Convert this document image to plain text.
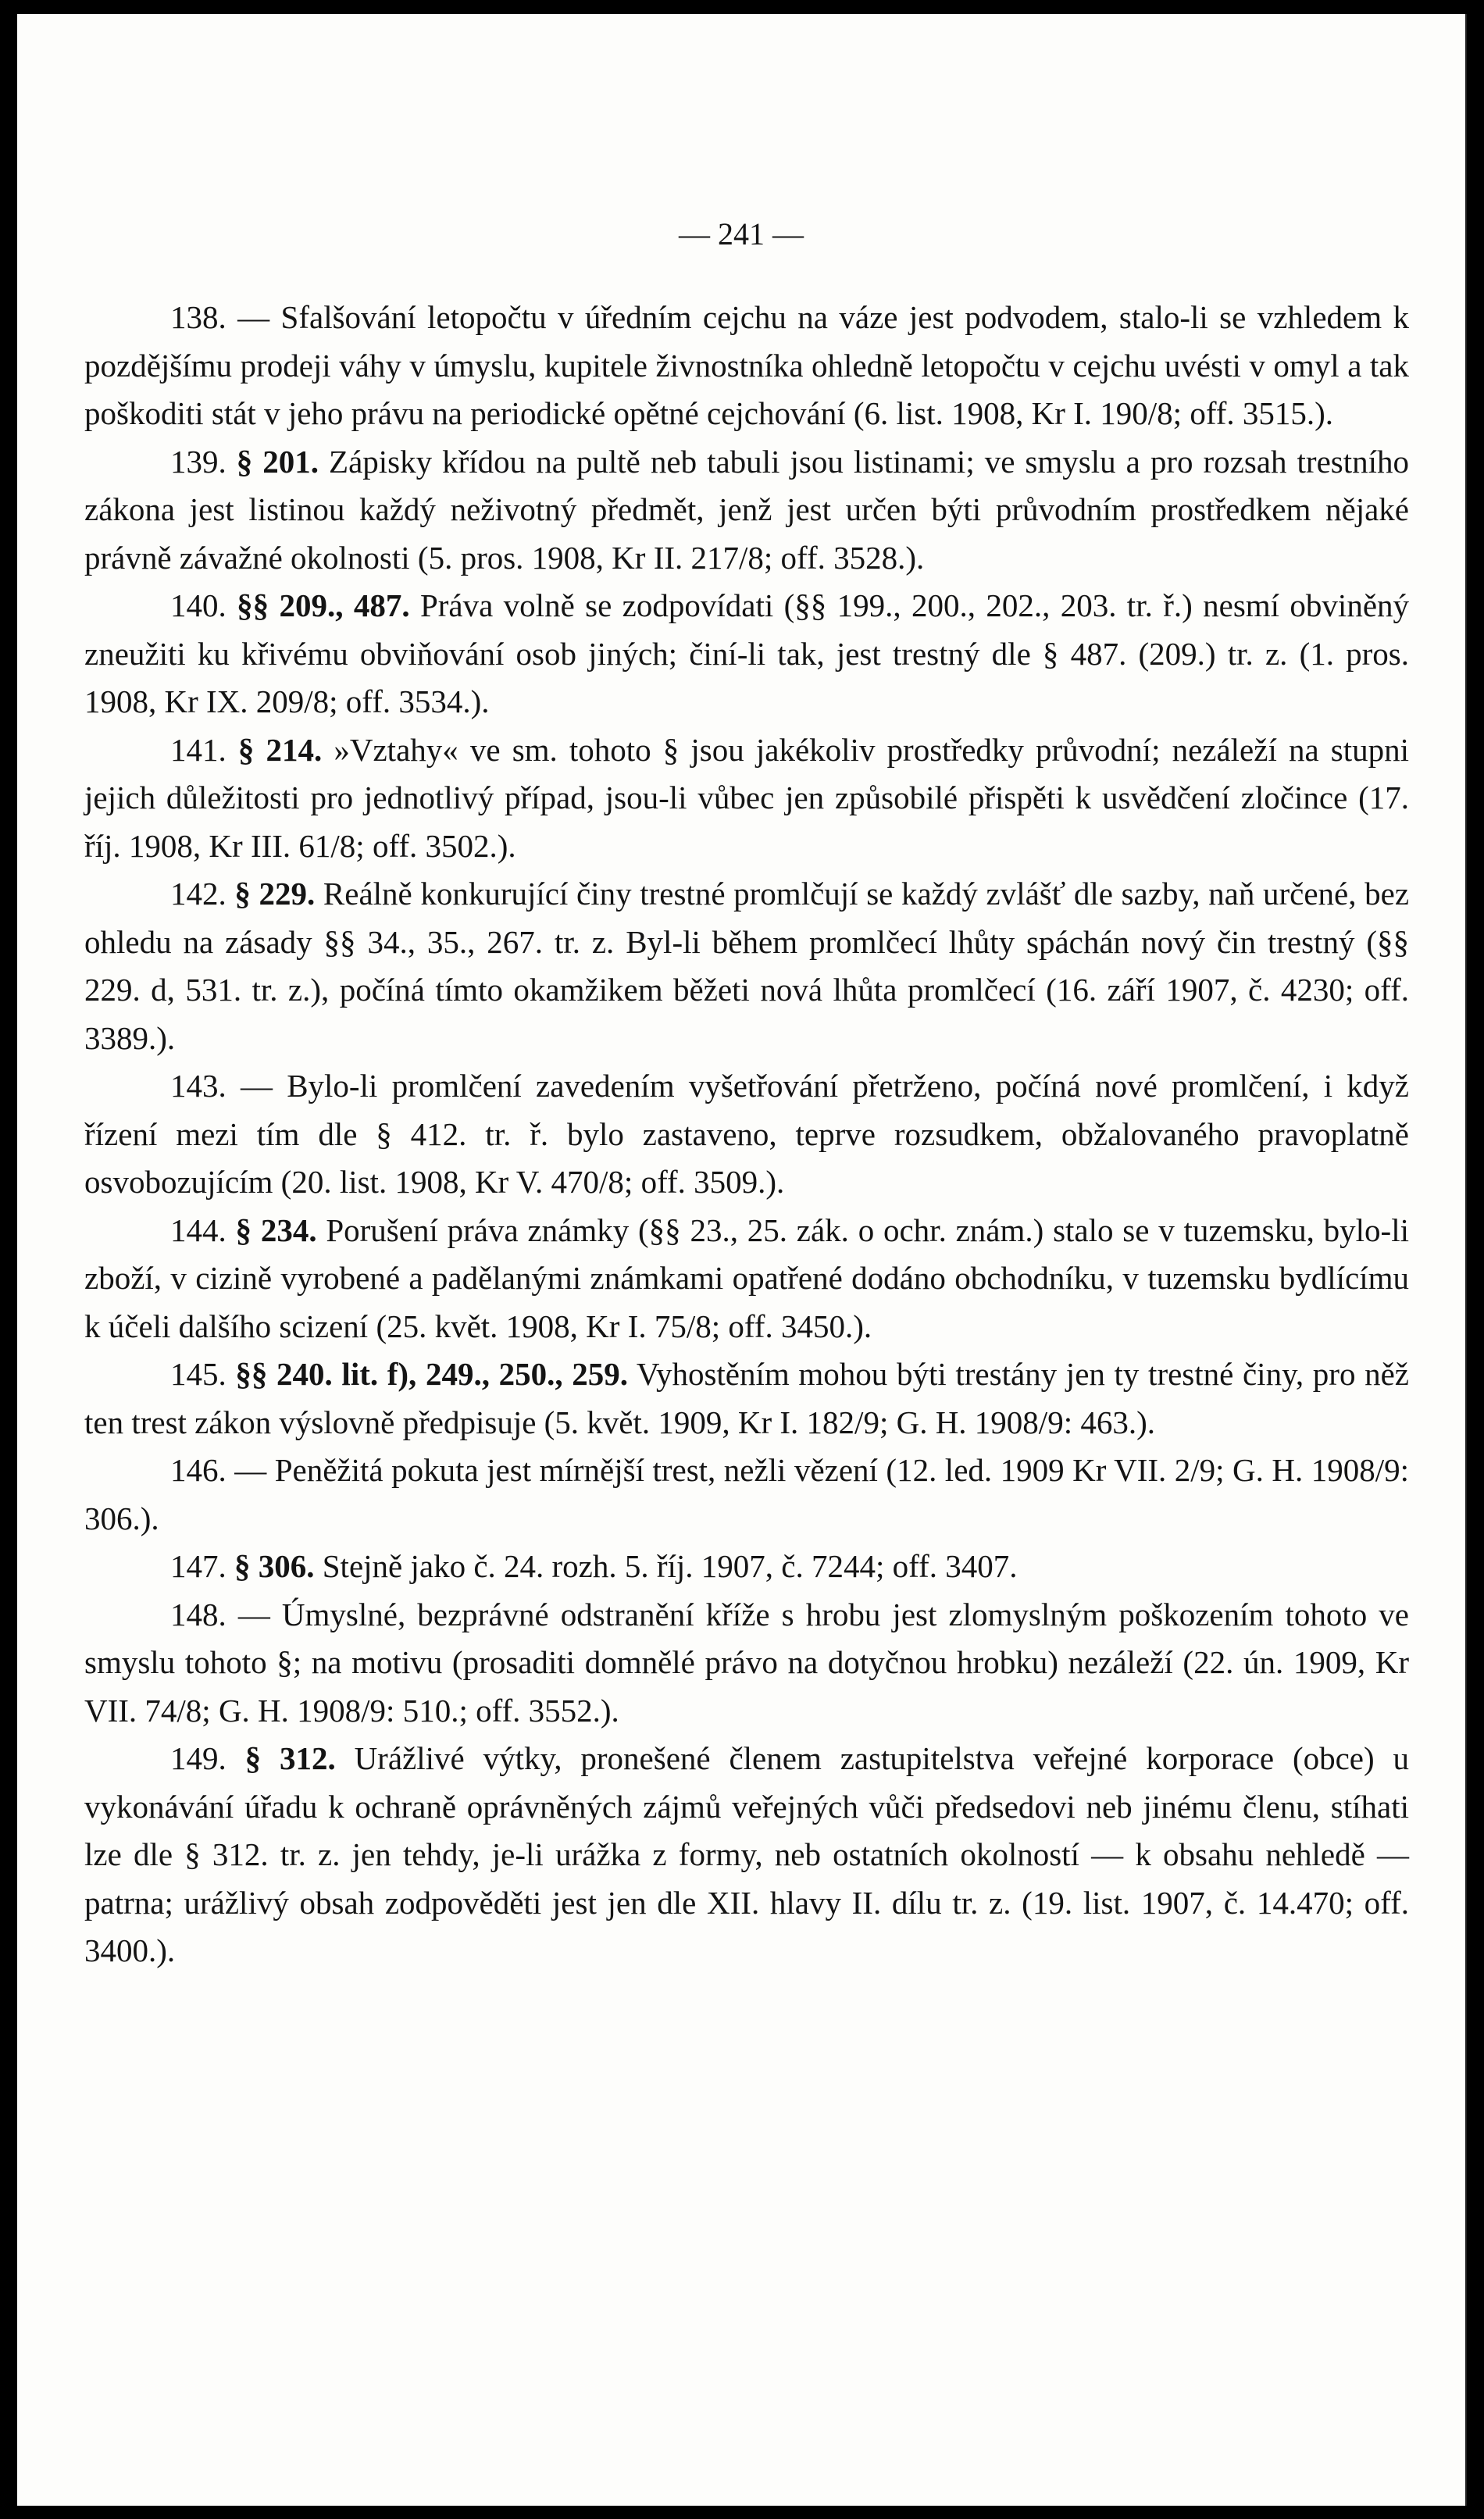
— 241 —

138. — Sfalšování letopočtu v úředním cejchu na váze jest podvodem, stalo-li se vzhledem k pozdějšímu prodeji váhy v úmyslu, kupitele živnostníka ohledně letopočtu v cejchu uvésti v omyl a tak poškoditi stát v jeho právu na periodické opětné cejchování (6. list. 1908, Kr I. 190/8; off. 3515.).

139. § 201. Zápisky křídou na pultě neb tabuli jsou listinami; ve smyslu a pro rozsah trestního zákona jest listinou každý neživotný předmět, jenž jest určen býti průvodním prostředkem nějaké právně závažné okolnosti (5. pros. 1908, Kr II. 217/8; off. 3528.).

140. §§ 209., 487. Práva volně se zodpovídati (§§ 199., 200., 202., 203. tr. ř.) nesmí obviněný zneužiti ku křivému obviňování osob jiných; činí-li tak, jest trestný dle § 487. (209.) tr. z. (1. pros. 1908, Kr IX. 209/8; off. 3534.).

141. § 214. »Vztahy« ve sm. tohoto § jsou jakékoliv prostředky průvodní; nezáleží na stupni jejich důležitosti pro jednotlivý případ, jsou-li vůbec jen způsobilé přispěti k usvědčení zločince (17. říj. 1908, Kr III. 61/8; off. 3502.).

142. § 229. Reálně konkurující činy trestné promlčují se každý zvlášť dle sazby, naň určené, bez ohledu na zásady §§ 34., 35., 267. tr. z. Byl-li během promlčecí lhůty spáchán nový čin trestný (§§ 229. d, 531. tr. z.), počíná tímto okamžikem běžeti nová lhůta promlčecí (16. září 1907, č. 4230; off. 3389.).

143. — Bylo-li promlčení zavedením vyšetřování přetrženo, počíná nové promlčení, i když řízení mezi tím dle § 412. tr. ř. bylo zastaveno, teprve rozsudkem, obžalovaného pravoplatně osvobozujícím (20. list. 1908, Kr V. 470/8; off. 3509.).

144. § 234. Porušení práva známky (§§ 23., 25. zák. o ochr. znám.) stalo se v tuzemsku, bylo-li zboží, v cizině vyrobené a padělanými známkami opatřené dodáno obchodníku, v tuzemsku bydlícímu k účeli dalšího scizení (25. květ. 1908, Kr I. 75/8; off. 3450.).

145. §§ 240. lit. f), 249., 250., 259. Vyhostěním mohou býti trestány jen ty trestné činy, pro něž ten trest zákon výslovně předpisuje (5. květ. 1909, Kr I. 182/9; G. H. 1908/9: 463.).

146. — Peněžitá pokuta jest mírnější trest, nežli vězení (12. led. 1909 Kr VII. 2/9; G. H. 1908/9: 306.).

147. § 306. Stejně jako č. 24. rozh. 5. říj. 1907, č. 7244; off. 3407.

148. — Úmyslné, bezprávné odstranění kříže s hrobu jest zlomyslným poškozením tohoto ve smyslu tohoto §; na motivu (prosaditi domnělé právo na dotyčnou hrobku) nezáleží (22. ún. 1909, Kr VII. 74/8; G. H. 1908/9: 510.; off. 3552.).

149. § 312. Urážlivé výtky, pronešené členem zastupitelstva veřejné korporace (obce) u vykonávání úřadu k ochraně oprávněných zájmů veřejných vůči předsedovi neb jinému členu, stíhati lze dle § 312. tr. z. jen tehdy, je-li urážka z formy, neb ostatních okolností — k obsahu nehledě — patrna; urážlivý obsah zodpověděti jest jen dle XII. hlavy II. dílu tr. z. (19. list. 1907, č. 14.470; off. 3400.).
